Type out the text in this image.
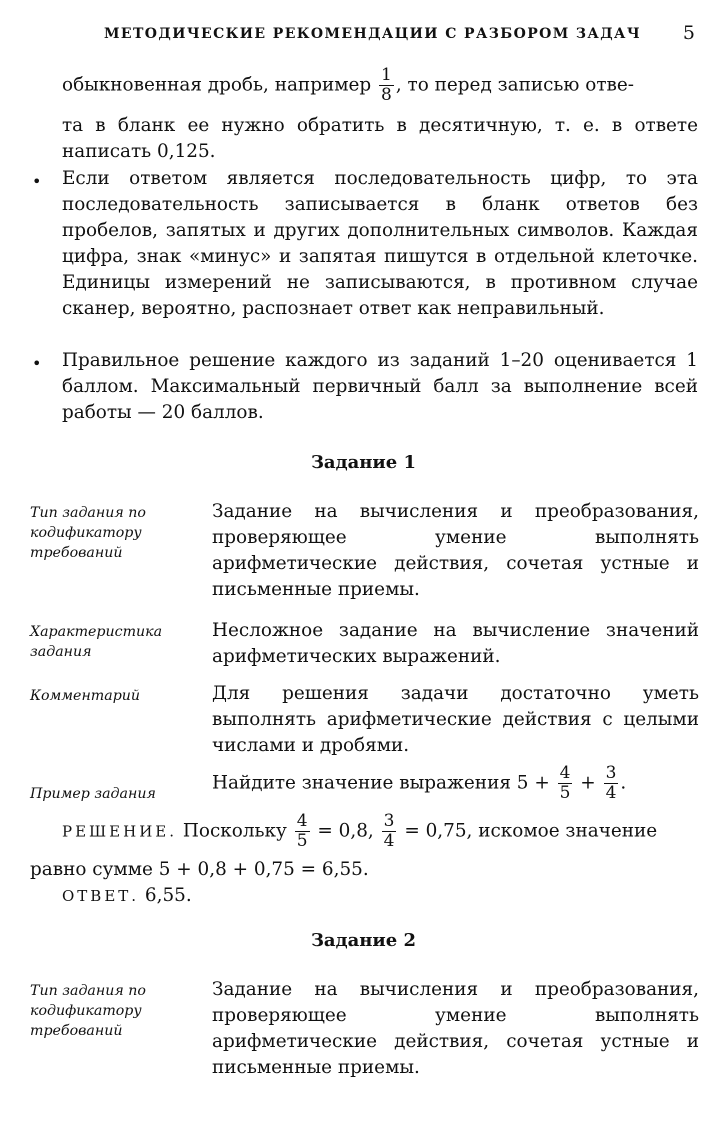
МЕТОДИЧЕСКИЕ РЕКОМЕНДАЦИИ С РАЗБОРОМ ЗАДАЧ 5
обыкновенная дробь, например $\frac{1}{8}$ , то перед записью отве-
та в бланк ее нужно обратить в десятичную, т. е. в ответе написать 0,125.
• Если ответом является последовательность цифр, то эта последовательность записывается в бланк ответов без пробелов, запятых и других дополнительных символов. Каждая цифра, знак «минус» и запятая пишутся в отдельной клеточке. Единицы измерений не записываются, в противном случае сканер, вероятно, распознает ответ как неправильный.
• Правильное решение каждого из заданий 1–20 оценивается 1 баллом. Максимальный первичный балл за выполнение всей работы — 20 баллов.
Задание 1
Тип задания по кодификатору требований
Задание на вычисления и преобразования, проверяющее умение выполнять арифметические действия, сочетая устные и письменные приемы.
Характеристика задания
Несложное задание на вычисление значений арифметических выражений.
Комментарий	Для решения задачи достаточно уметь выполнять арифметические действия с целыми числами и дробями.
Пример задания
Найдите значение выражения $5 + \frac{4}{5} + \frac{3}{4}$ .
РЕШЕНИЕ. Поскольку $\frac{4}{5} = 0,8$, $\frac{3}{4} = 0,75$, искомое значение
равно сумме 5 + 0,8 + 0,75 = 6,55.
ОТВЕТ. 6,55.
Задание 2
Тип задания по кодификатору требований
Задание на вычисления и преобразования, проверяющее умение выполнять арифметические действия, сочетая устные и письменные приемы.
